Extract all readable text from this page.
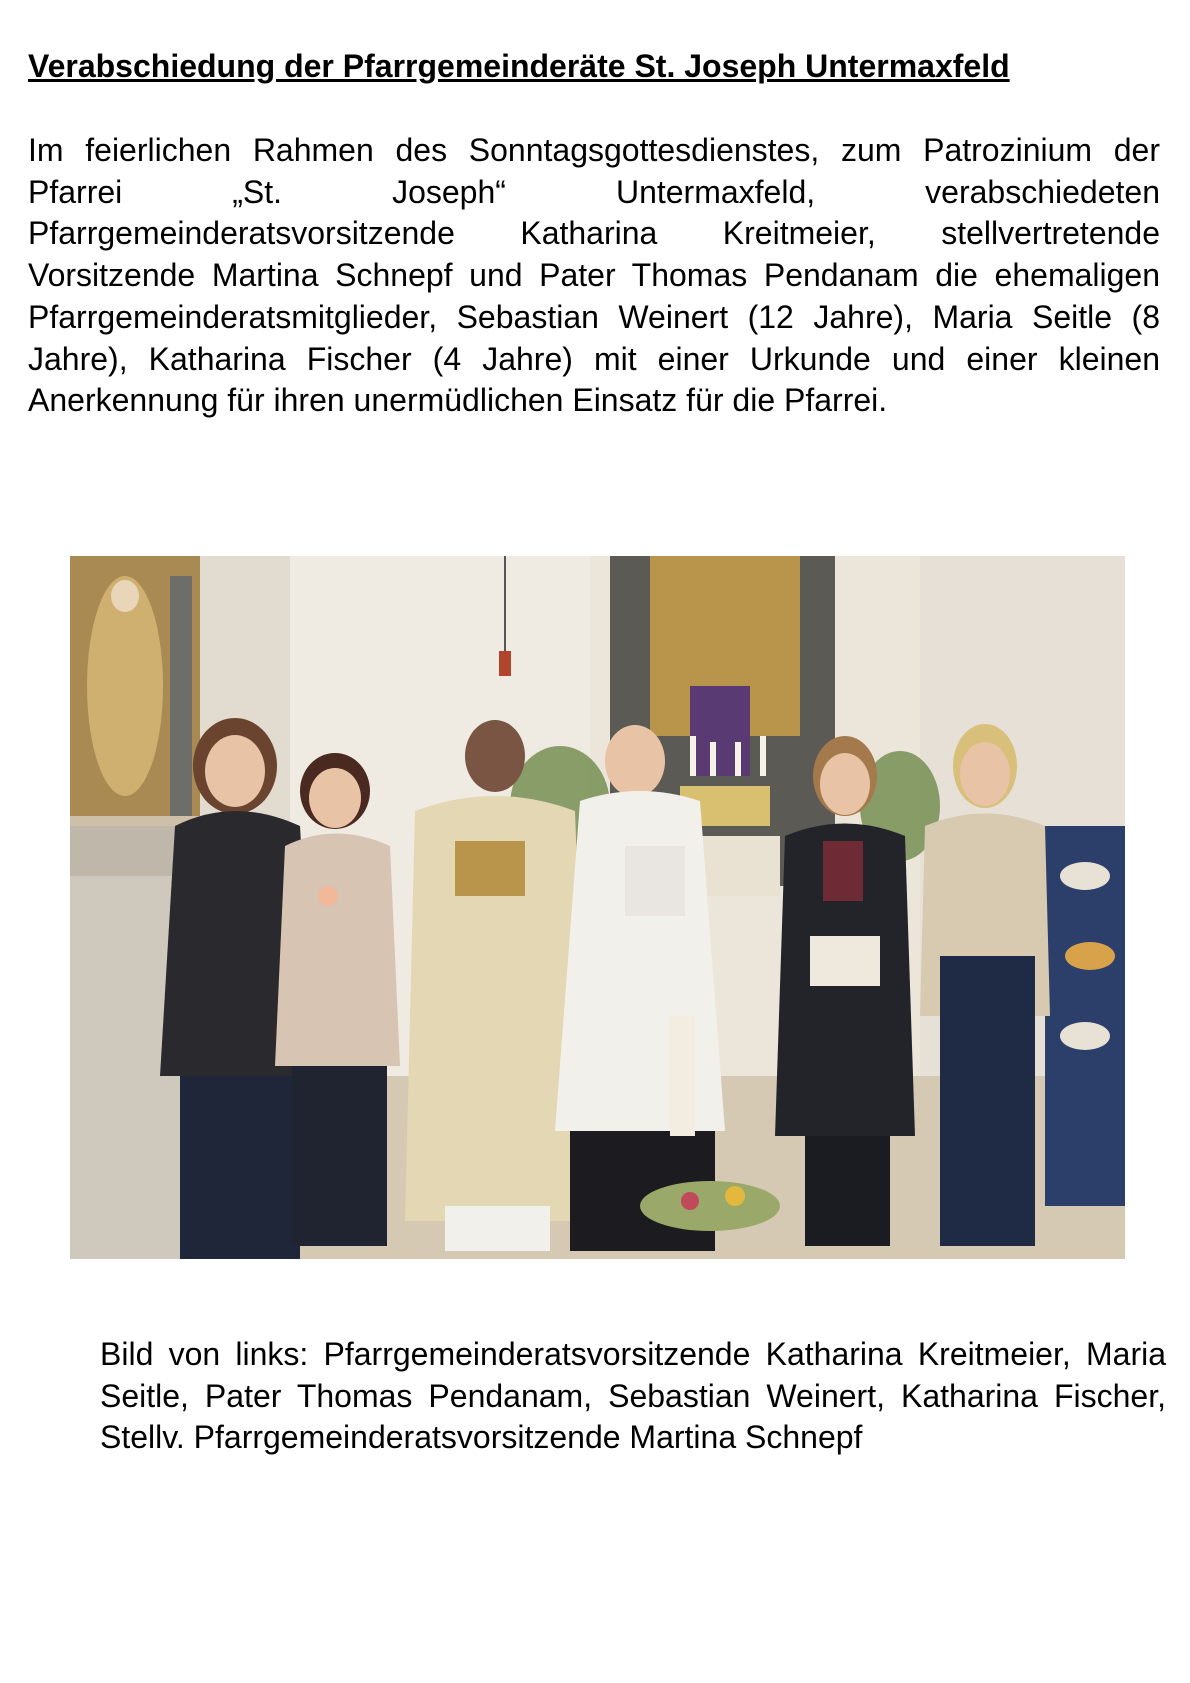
Verabschiedung der Pfarrgemeinderäte St. Joseph Untermaxfeld

Im feierlichen Rahmen des Sonntagsgottesdienstes, zum Patrozinium der Pfarrei „St. Joseph“ Untermaxfeld, verabschiedeten Pfarrgemeinderatsvorsitzende Katharina Kreitmeier, stellvertretende Vorsitzende Martina Schnepf und Pater Thomas Pendanam die ehemaligen Pfarrgemeinderatsmitglieder, Sebastian Weinert (12 Jahre), Maria Seitle (8 Jahre), Katharina Fischer (4 Jahre) mit einer Urkunde und einer kleinen Anerkennung für ihren unermüdlichen Einsatz für die Pfarrei.

Bild von links: Pfarrgemeinderatsvorsitzende Katharina Kreitmeier, Maria Seitle, Pater Thomas Pendanam, Sebastian Weinert, Katharina Fischer, Stellv. Pfarrgemeinderatsvorsitzende Martina Schnepf
